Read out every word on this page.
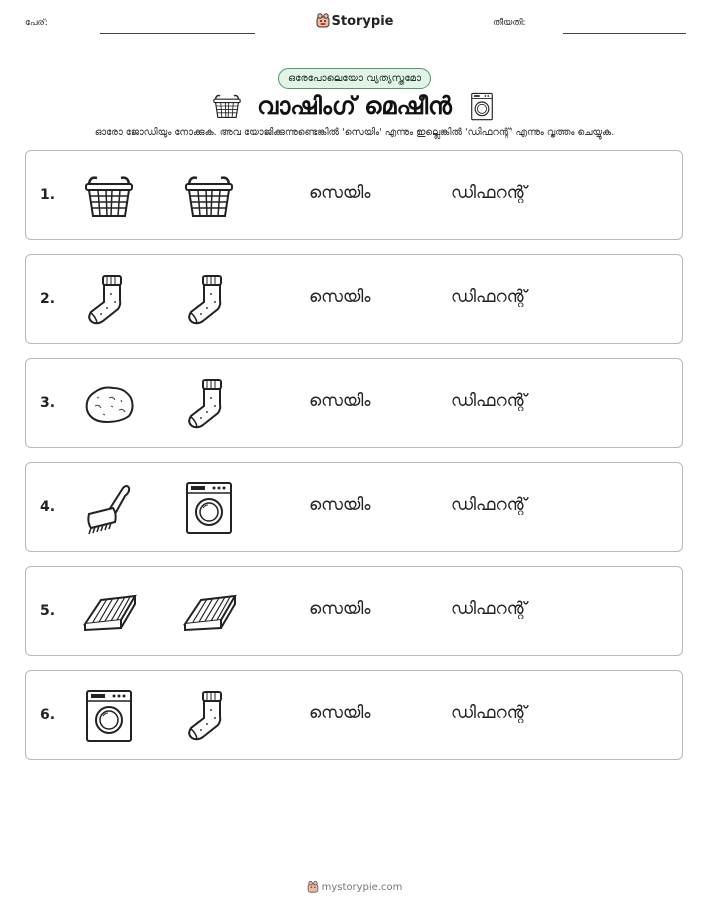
പേര്:	Storypie	തീയതി:
ഒരേപോലെയോ വ്യത്യസ്തമോ
വാഷിംഗ് മെഷീൻ
ഓരോ ജോഡിയും നോക്കുക. അവ യോജിക്കുന്നുണ്ടെങ്കിൽ 'സെയിം' എന്നും ഇല്ലെങ്കിൽ 'ഡിഫറന്റ്' എന്നും വൃത്തം ചെയ്യുക.
1.	സെയിം	ഡിഫറന്റ്
2.	സെയിം	ഡിഫറന്റ്
3.	സെയിം	ഡിഫറന്റ്
4.	സെയിം	ഡിഫറന്റ്
5.	സെയിം	ഡിഫറന്റ്
6.	സെയിം	ഡിഫറന്റ്
mystorypie.com
